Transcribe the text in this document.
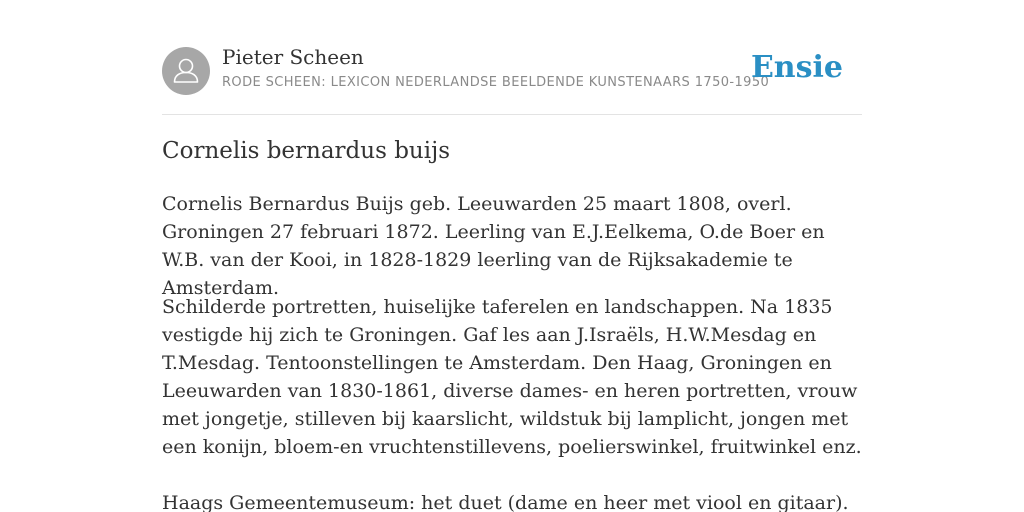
Pieter Scheen
RODE SCHEEN: LEXICON NEDERLANDSE BEELDENDE KUNSTENAARS 1750-1950
Ensie
Cornelis bernardus buijs

Cornelis Bernardus Buijs geb. Leeuwarden 25 maart 1808, overl. Groningen 27 februari 1872. Leerling van E.J.Eelkema, O.de Boer en W.B. van der Kooi, in 1828-1829 leerling van de Rijksakademie te Amsterdam.

Schilderde portretten, huiselijke taferelen en landschappen. Na 1835 vestigde hij zich te Groningen. Gaf les aan J.Israëls, H.W.Mesdag en T.Mesdag. Tentoonstellingen te Amsterdam. Den Haag, Groningen en Leeuwarden van 1830-1861, diverse dames- en heren portretten, vrouw met jongetje, stilleven bij kaarslicht, wildstuk bij lamplicht, jongen met een konijn, bloem-en vruchtenstillevens, poelierswinkel, fruitwinkel enz.

Haags Gemeentemuseum: het duet (dame en heer met viool en gitaar).
